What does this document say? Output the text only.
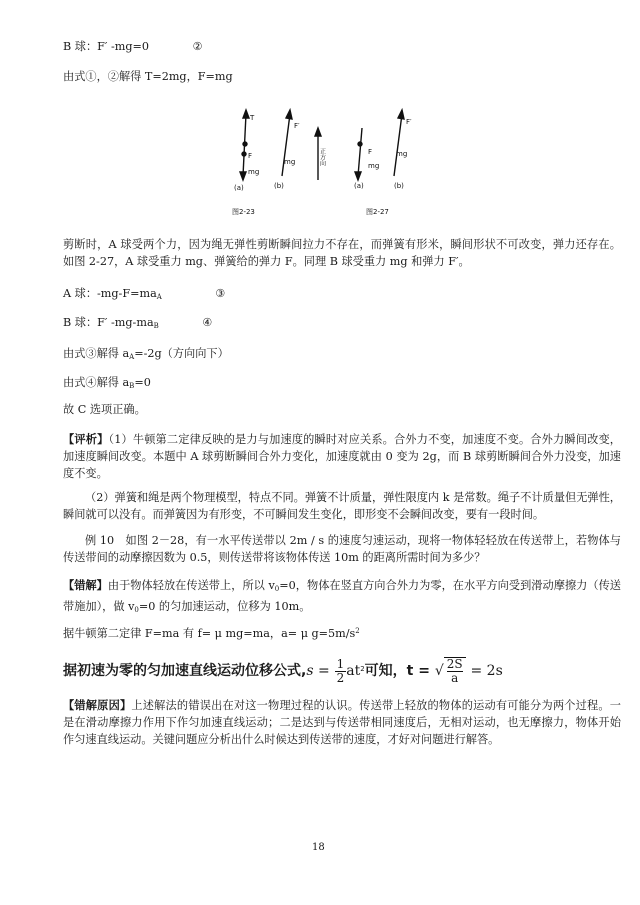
B 球：F′ -mg=0	②
由式①，②解得 T=2mg，F=mg
T
F
mg
F′
mg
(a)	(b)
正方向	F
mg
F′
mg
(a)	(b)
图2-23	图2-27
剪断时，A 球受两个力，因为绳无弹性剪断瞬间拉力不存在，而弹簧有形米，瞬间形状不可改变，弹力还存在。如图 2-27，A 球受重力 mg、弹簧给的弹力 F。同理 B 球受重力 mg 和弹力 F′。
A 球：-mg-F=maA	③
B 球：F′ -mg-maB	④
由式③解得 aA=-2g（方向向下）
由式④解得 aB=0
故 C 选项正确。
【评析】（1）牛顿第二定律反映的是力与加速度的瞬时对应关系。合外力不变，加速度不变。合外力瞬间改变，加速度瞬间改变。本题中 A 球剪断瞬间合外力变化，加速度就由 0 变为 2g，而 B 球剪断瞬间合外力没变，加速度不变。
（2）弹簧和绳是两个物理模型，特点不同。弹簧不计质量，弹性限度内 k 是常数。绳子不计质量但无弹性，瞬间就可以没有。而弹簧因为有形变，不可瞬间发生变化，即形变不会瞬间改变，要有一段时间。
例 10　如图 2－28，有一水平传送带以 2m / s 的速度匀速运动，现将一物体轻轻放在传送带上，若物体与传送带间的动摩擦因数为 0.5，则传送带将该物体传送 10m 的距离所需时间为多少？
【错解】由于物体轻放在传送带上，所以 v0=0，物体在竖直方向合外力为零，在水平方向受到滑动摩擦力（传送带施加），做 v0=0 的匀加速运动，位移为 10m。
据牛顿第二定律 F=ma 有 f= μ mg=ma，a= μ $g=5m/s^2$
据初速为零的匀加速直线运动位移公式$,s = \frac{1}{2} at^2$可知，t = √ $\frac{2S}{a} = 2s$
【错解原因】上述解法的错误出在对这一物理过程的认识。传送带上轻放的物体的运动有可能分为两个过程。一是在滑动摩擦力作用下作匀加速直线运动；二是达到与传送带相同速度后，无相对运动，也无摩擦力，物体开始作匀速直线运动。关键问题应分析出什么时候达到传送带的速度，才好对问题进行解答。
18
